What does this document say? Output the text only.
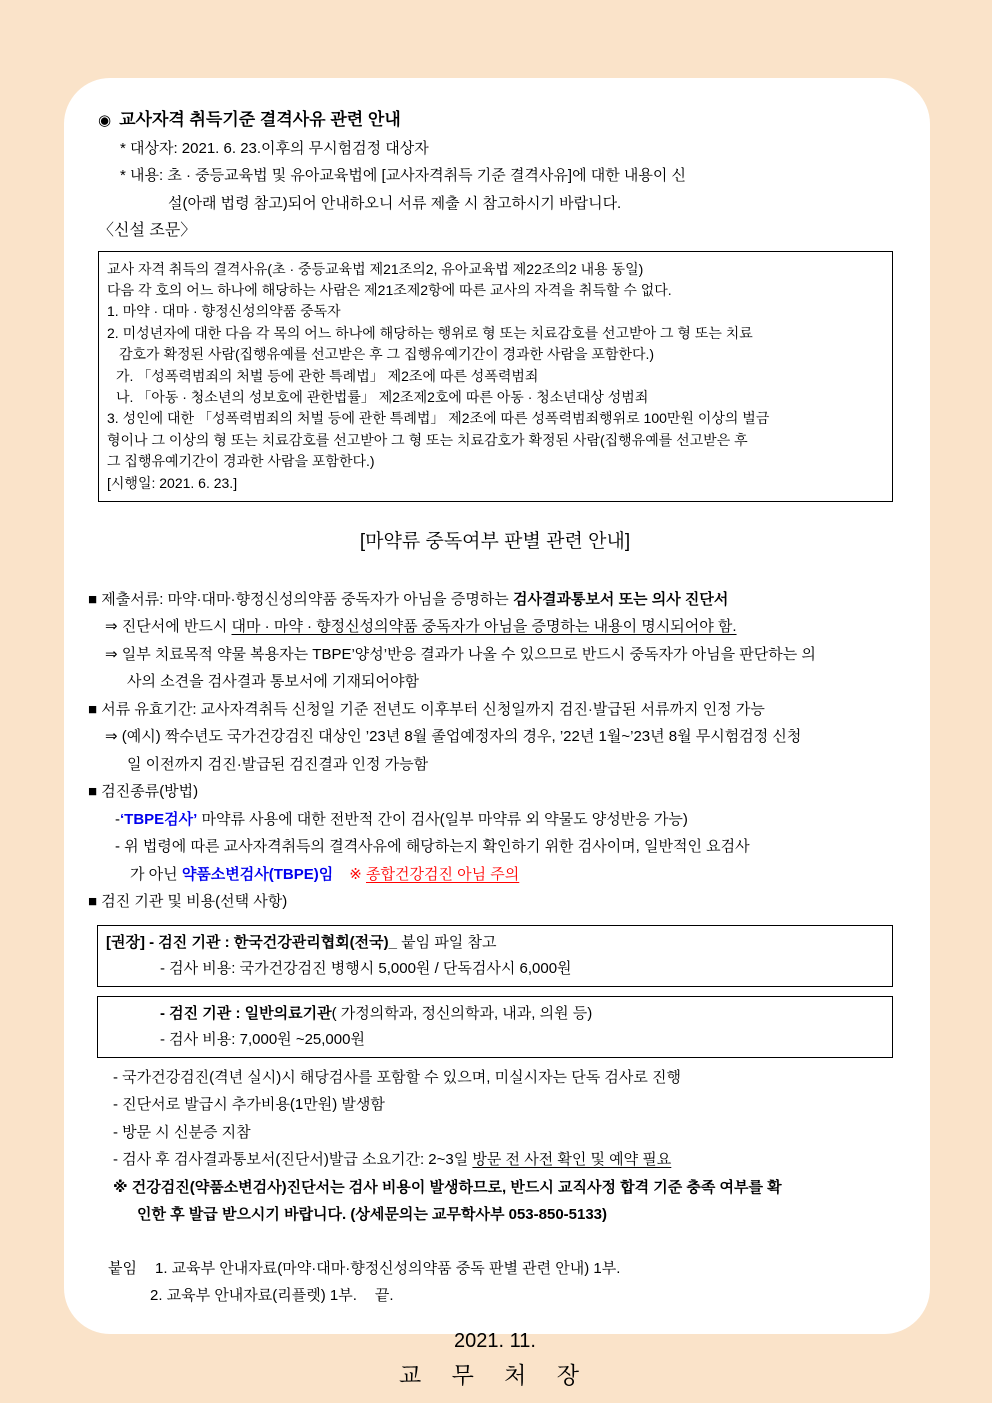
◉ 교사자격 취득기준 결격사유 관련 안내
* 대상자: 2021. 6. 23.이후의 무시험검정 대상자
* 내용: 초 · 중등교육법 및 유아교육법에 [교사자격취득 기준 결격사유]에 대한 내용이 신
설(아래 법령 참고)되어 안내하오니 서류 제출 시 참고하시기 바랍니다.
〈신설 조문〉
교사 자격 취득의 결격사유(초 · 중등교육법 제21조의2, 유아교육법 제22조의2 내용 동일)
다음 각 호의 어느 하나에 해당하는 사람은 제21조제2항에 따른 교사의 자격을 취득할 수 없다.
1. 마약 · 대마 · 향정신성의약품 중독자
2. 미성년자에 대한 다음 각 목의 어느 하나에 해당하는 행위로 형 또는 치료감호를 선고받아 그 형 또는 치료
감호가 확정된 사람(집행유예를 선고받은 후 그 집행유예기간이 경과한 사람을 포함한다.)
가. 「성폭력범죄의 처벌 등에 관한 특례법」 제2조에 따른 성폭력범죄
나. 「아동 · 청소년의 성보호에 관한법률」 제2조제2호에 따른 아동 · 청소년대상 성범죄
3. 성인에 대한 「성폭력범죄의 처벌 등에 관한 특례법」 제2조에 따른 성폭력범죄행위로 100만원 이상의 벌금
형이나 그 이상의 형 또는 치료감호를 선고받아 그 형 또는 치료감호가 확정된 사람(집행유예를 선고받은 후
그 집행유예기간이 경과한 사람을 포함한다.)
[시행일: 2021. 6. 23.]
[마약류 중독여부 판별 관련 안내]
■ 제출서류: 마약·대마·향정신성의약품 중독자가 아님을 증명하는 검사결과통보서 또는 의사 진단서
⇒ 진단서에 반드시 대마 · 마약 · 향정신성의약품 중독자가 아님을 증명하는 내용이 명시되어야 함.
⇒ 일부 치료목적 약물 복용자는 TBPE’양성’반응 결과가 나올 수 있으므로 반드시 중독자가 아님을 판단하는 의
사의 소견을 검사결과 통보서에 기재되어야함
■ 서류 유효기간: 교사자격취득 신청일 기준 전년도 이후부터 신청일까지 검진·발급된 서류까지 인정 가능
⇒ (예시) 짝수년도 국가건강검진 대상인 ’23년 8월 졸업예정자의 경우, ’22년 1월~’23년 8월 무시험검정 신청
일 이전까지 검진·발급된 검진결과 인정 가능함
■ 검진종류(방법)
-‘TBPE검사’ 마약류 사용에 대한 전반적 간이 검사(일부 마약류 외 약물도 양성반응 가능)
- 위 법령에 따른 교사자격취득의 결격사유에 해당하는지 확인하기 위한 검사이며, 일반적인 요검사
가 아닌 약품소변검사(TBPE)임 ※ 종합건강검진 아님 주의
■ 검진 기관 및 비용(선택 사항)
[권장] - 검진 기관 : 한국건강관리협회(전국)_ 붙임 파일 참고
- 검사 비용: 국가건강검진 병행시 5,000원 / 단독검사시 6,000원
- 검진 기관 : 일반의료기관( 가정의학과, 정신의학과, 내과, 의원 등)
- 검사 비용: 7,000원 ~25,000원
- 국가건강검진(격년 실시)시 해당검사를 포함할 수 있으며, 미실시자는 단독 검사로 진행
- 진단서로 발급시 추가비용(1만원) 발생함
- 방문 시 신분증 지참
- 검사 후 검사결과통보서(진단서)발급 소요기간: 2~3일 방문 전 사전 확인 및 예약 필요
※ 건강검진(약품소변검사)진단서는 검사 비용이 발생하므로, 반드시 교직사정 합격 기준 충족 여부를 확
인한 후 발급 받으시기 바랍니다. (상세문의는 교무학사부 053-850-5133)
붙임 1. 교육부 안내자료(마약·대마·향정신성의약품 중독 판별 관련 안내) 1부.
2. 교육부 안내자료(리플렛) 1부. 끝.
2021. 11.
교 무 처 장
